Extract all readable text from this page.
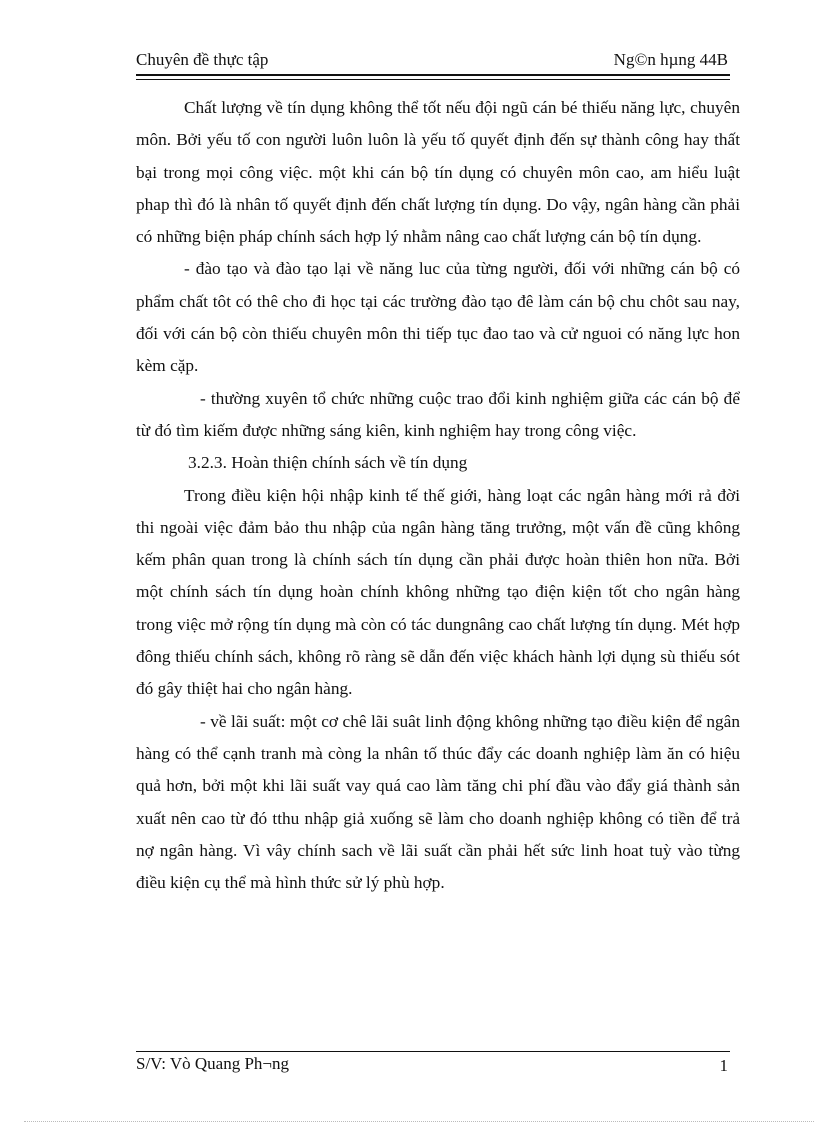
Chuyên đề thực tập	Ng©n hµng 44B

Chất lượng về tín dụng không thể tốt nếu đội ngũ cán bé thiếu năng lực, chuyên môn. Bởi yếu tố con người luôn luôn là yếu tố quyết định đến sự thành công hay thất bại trong mọi công việc. một khi cán bộ tín dụng có chuyên môn cao, am hiểu luật phap thì đó là nhân tố quyết định đến chất lượng tín dụng. Do vậy, ngân hàng cần phải có những biện pháp chính sách hợp lý nhằm nâng cao chất lượng cán bộ tín dụng.

- đào tạo và đào tạo lại về năng luc của từng người, đối với những cán bộ có phẩm chất tôt có thê cho đi học tại các trường đào tạo đê làm cán bộ chu chôt sau nay, đối với cán bộ còn thiếu chuyên môn thi tiếp tục đao tao và cử nguoi có năng lực hon kèm cặp.

- thường xuyên tổ chức những cuộc trao đổi kinh nghiệm giữa các cán bộ để từ đó tìm kiếm được những sáng kiên, kinh nghiệm hay trong công việc.

3.2.3. Hoàn thiện chính sách về tín dụng

Trong điều kiện hội nhập kinh tế thế giới, hàng loạt các ngân hàng mới rả đời thi ngoài việc đảm bảo thu nhập của ngân hàng tăng trưởng, một vấn đề cũng không kếm phân quan trong là chính sách tín dụng cần phải được hoàn thiên hon nữa. Bởi một chính sách tín dụng hoàn chính không những tạo điện kiện tốt cho ngân hàng trong việc mở rộng tín dụng mà còn có tác dungnâng cao chất lượng tín dụng. Mét hợp đông thiếu chính sách, không rõ ràng sẽ dẫn đến việc khách hành lợi dụng sù thiếu sót đó gây thiệt hai cho ngân hàng.

- về lãi suất: một cơ chê lãi suât linh động không những tạo điều kiện để ngân hàng có thể cạnh tranh mà còng la nhân tố thúc đẩy các doanh nghiệp làm ăn có hiệu quả hơn, bởi một khi lãi suất vay quá cao làm tăng chi phí đầu vào đẩy giá thành sản xuất nên cao từ đó tthu nhập giả xuống sẽ làm cho doanh nghiệp không có tiền để trả nợ ngân hàng. Vì vây chính sach về lãi suất cần phải hết sức linh hoat tuỳ vào từng điều kiện cụ thể mà hình thức sử lý phù hợp.

S/V: Vò Quang Ph¬ng	1
